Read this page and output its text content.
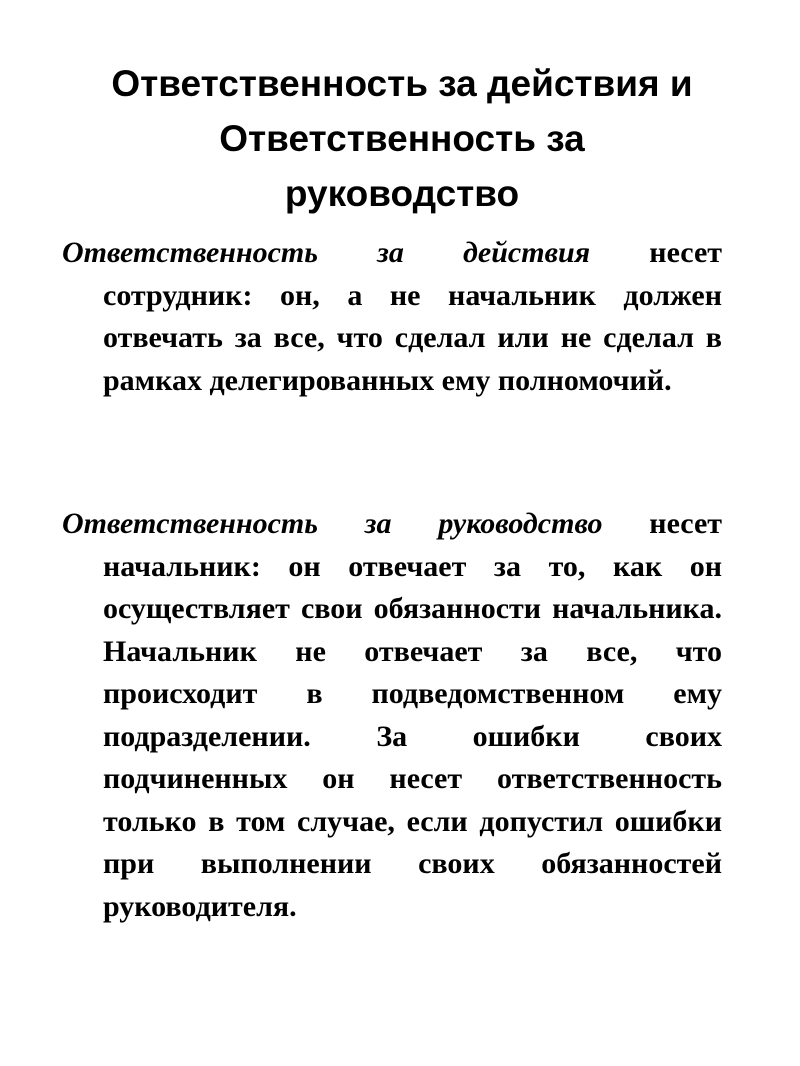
Ответственность за действия и
Ответственность за
руководство

Ответственность за действия несет сотрудник: он, а не начальник должен отвечать за все, что сделал или не сделал в рамках делегированных ему полномочий.

Ответственность за руководство несет начальник: он отвечает за то, как он осуществляет свои обязанности начальника. Начальник не отвечает за все, что происходит в подведомственном ему подразделении. За ошибки своих подчиненных он несет ответственность только в том случае, если допустил ошибки при выполнении своих обязанностей руководителя.
